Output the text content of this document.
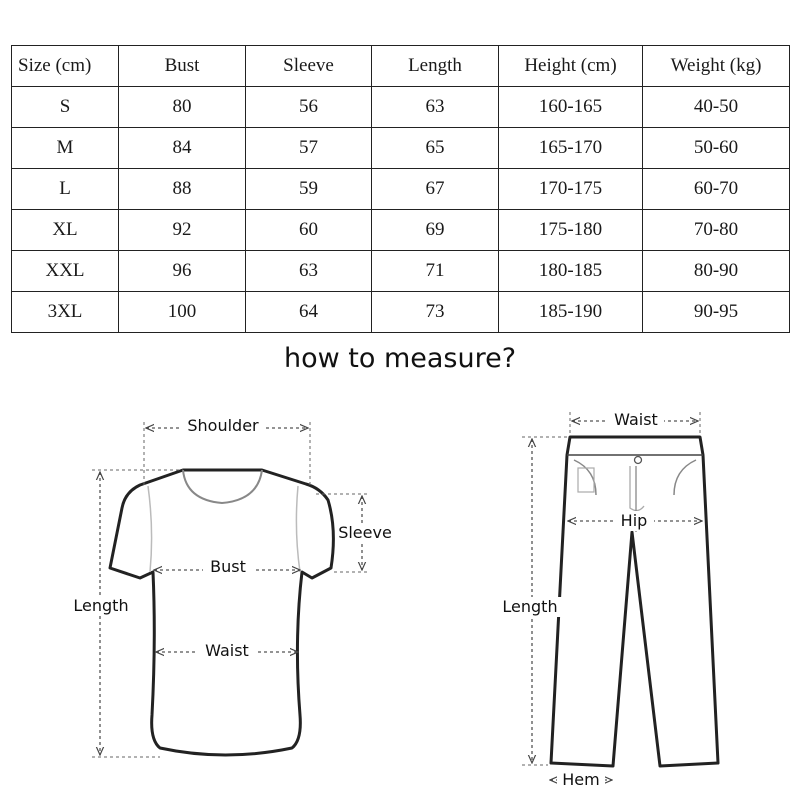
Size (cm)	Bust	Sleeve	Length	Height (cm)	Weight (kg)
S	80	56	63	160-165	40-50
M	84	57	65	165-170	50-60
L	88	59	67	170-175	60-70
XL	92	60	69	175-180	70-80
XXL	96	63	71	180-185	80-90
3XL	100	64	73	185-190	90-95
how to measure?
Shoulder
Sleeve
Bust
Waist
Length
Waist
Hip
Length
Hem
